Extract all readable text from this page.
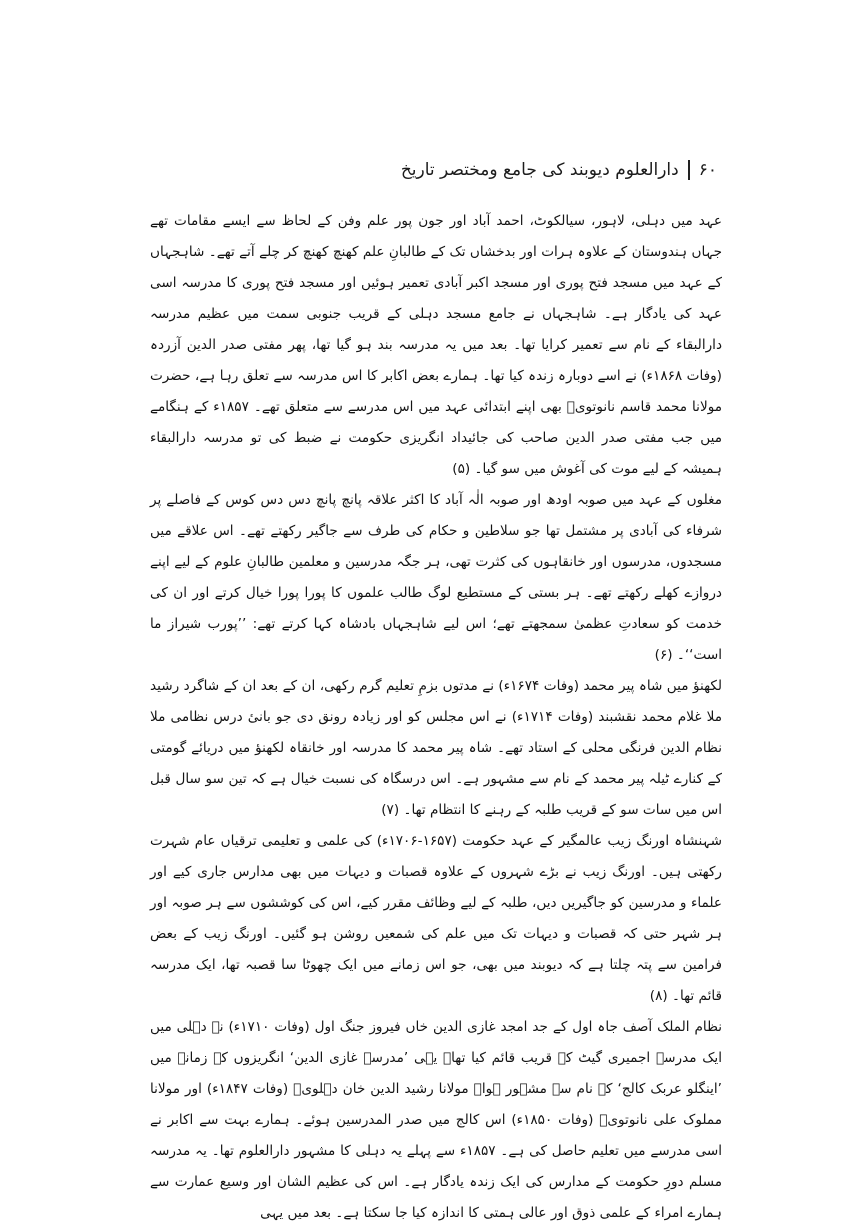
۶۰
دارالعلوم دیوبند کی جامع ومختصر تاریخ

عہد میں دہلی، لاہور، سیالکوٹ، احمد آباد اور جون پور علم وفن کے لحاظ سے ایسے مقامات تھے جہاں ہندوستان کے علاوہ ہرات اور بدخشاں تک کے طالبانِ علم کھنچ کھنچ کر چلے آتے تھے۔ شاہجہاں کے عہد میں مسجد فتح پوری اور مسجد اکبر آبادی تعمیر ہوئیں اور مسجد فتح پوری کا مدرسہ اسی عہد کی یادگار ہے۔ شاہجہاں نے جامع مسجد دہلی کے قریب جنوبی سمت میں عظیم مدرسہ دارالبقاء کے نام سے تعمیر کرایا تھا۔ بعد میں یہ مدرسہ بند ہو گیا تھا، پھر مفتی صدر الدین آزردہ (وفات ۱۸۶۸ء) نے اسے دوبارہ زندہ کیا تھا۔ ہمارے بعض اکابر کا اس مدرسہ سے تعلق رہا ہے، حضرت مولانا محمد قاسم نانوتویؒ بھی اپنے ابتدائی عہد میں اس مدرسے سے متعلق تھے۔ ۱۸۵۷ء کے ہنگامے میں جب مفتی صدر الدین صاحب کی جائیداد انگریزی حکومت نے ضبط کی تو مدرسہ دارالبقاء ہمیشہ کے لیے موت کی آغوش میں سو گیا۔ (۵)

مغلوں کے عہد میں صوبہ اودھ اور صوبہ الٰہ آباد کا اکثر علاقہ پانچ پانچ دس دس کوس کے فاصلے پر شرفاء کی آبادی پر مشتمل تھا جو سلاطین و حکام کی طرف سے جاگیر رکھتے تھے۔ اس علاقے میں مسجدوں، مدرسوں اور خانقاہوں کی کثرت تھی، ہر جگہ مدرسین و معلمین طالبانِ علوم کے لیے اپنے دروازے کھلے رکھتے تھے۔ ہر بستی کے مستطیع لوگ طالب علموں کا پورا پورا خیال کرتے اور ان کی خدمت کو سعادتِ عظمیٰ سمجھتے تھے؛ اس لیے شاہجہاں بادشاہ کہا کرتے تھے: ’’پورب شیراز ما است‘‘۔ (۶)

لکھنؤ میں شاہ پیر محمد (وفات ۱۶۷۴ء) نے مدتوں بزمِ تعلیم گرم رکھی، ان کے بعد ان کے شاگرد رشید ملا غلام محمد نقشبند (وفات ۱۷۱۴ء) نے اس مجلس کو اور زیادہ رونق دی جو بانیٔ درس نظامی ملا نظام الدین فرنگی محلی کے استاد تھے۔ شاہ پیر محمد کا مدرسہ اور خانقاہ لکھنؤ میں دریائے گومتی کے کنارے ٹیلہ پیر محمد کے نام سے مشہور ہے۔ اس درسگاہ کی نسبت خیال ہے کہ تین سو سال قبل اس میں سات سو کے قریب طلبہ کے رہنے کا انتظام تھا۔ (۷)

شہنشاہ اورنگ زیب عالمگیر کے عہد حکومت (۱۶۵۷-۱۷۰۶ء) کی علمی و تعلیمی ترقیاں عام شہرت رکھتی ہیں۔ اورنگ زیب نے بڑے شہروں کے علاوہ قصبات و دیہات میں بھی مدارس جاری کیے اور علماء و مدرسین کو جاگیریں دیں، طلبہ کے لیے وظائف مقرر کیے، اس کی کوششوں سے ہر صوبہ اور ہر شہر حتی کہ قصبات و دیہات تک میں علم کی شمعیں روشن ہو گئیں۔ اورنگ زیب کے بعض فرامین سے پتہ چلتا ہے کہ دیوبند میں بھی، جو اس زمانے میں ایک چھوٹا سا قصبہ تھا، ایک مدرسہ قائم تھا۔ (۸)

نظام الملک آصف جاہ اول کے جد امجد غازی الدین خاں فیروز جنگ اول (وفات ۱۷۱۰ء) نے دہلی میں ایک مدرسہ اجمیری گیٹ کے قریب قائم کیا تھا۔ یہی ’مدرسہ غازی الدین‘ انگریزوں کے زمانے میں ’اینگلو عربک کالج‘ کے نام سے مشہور ہوا۔ مولانا رشید الدین خان دہلویؒ (وفات ۱۸۴۷ء) اور مولانا مملوک علی نانوتویؒ (وفات ۱۸۵۰ء) اس کالج میں صدر المدرسین ہوئے۔ ہمارے بہت سے اکابر نے اسی مدرسے میں تعلیم حاصل کی ہے۔ ۱۸۵۷ء سے پہلے یہ دہلی کا مشہور دارالعلوم تھا۔ یہ مدرسہ مسلم دورِ حکومت کے مدارس کی ایک زندہ یادگار ہے۔ اس کی عظیم الشان اور وسیع عمارت سے ہمارے امراء کے علمی ذوق اور عالی ہمتی کا اندازہ کیا جا سکتا ہے۔ بعد میں یہی
